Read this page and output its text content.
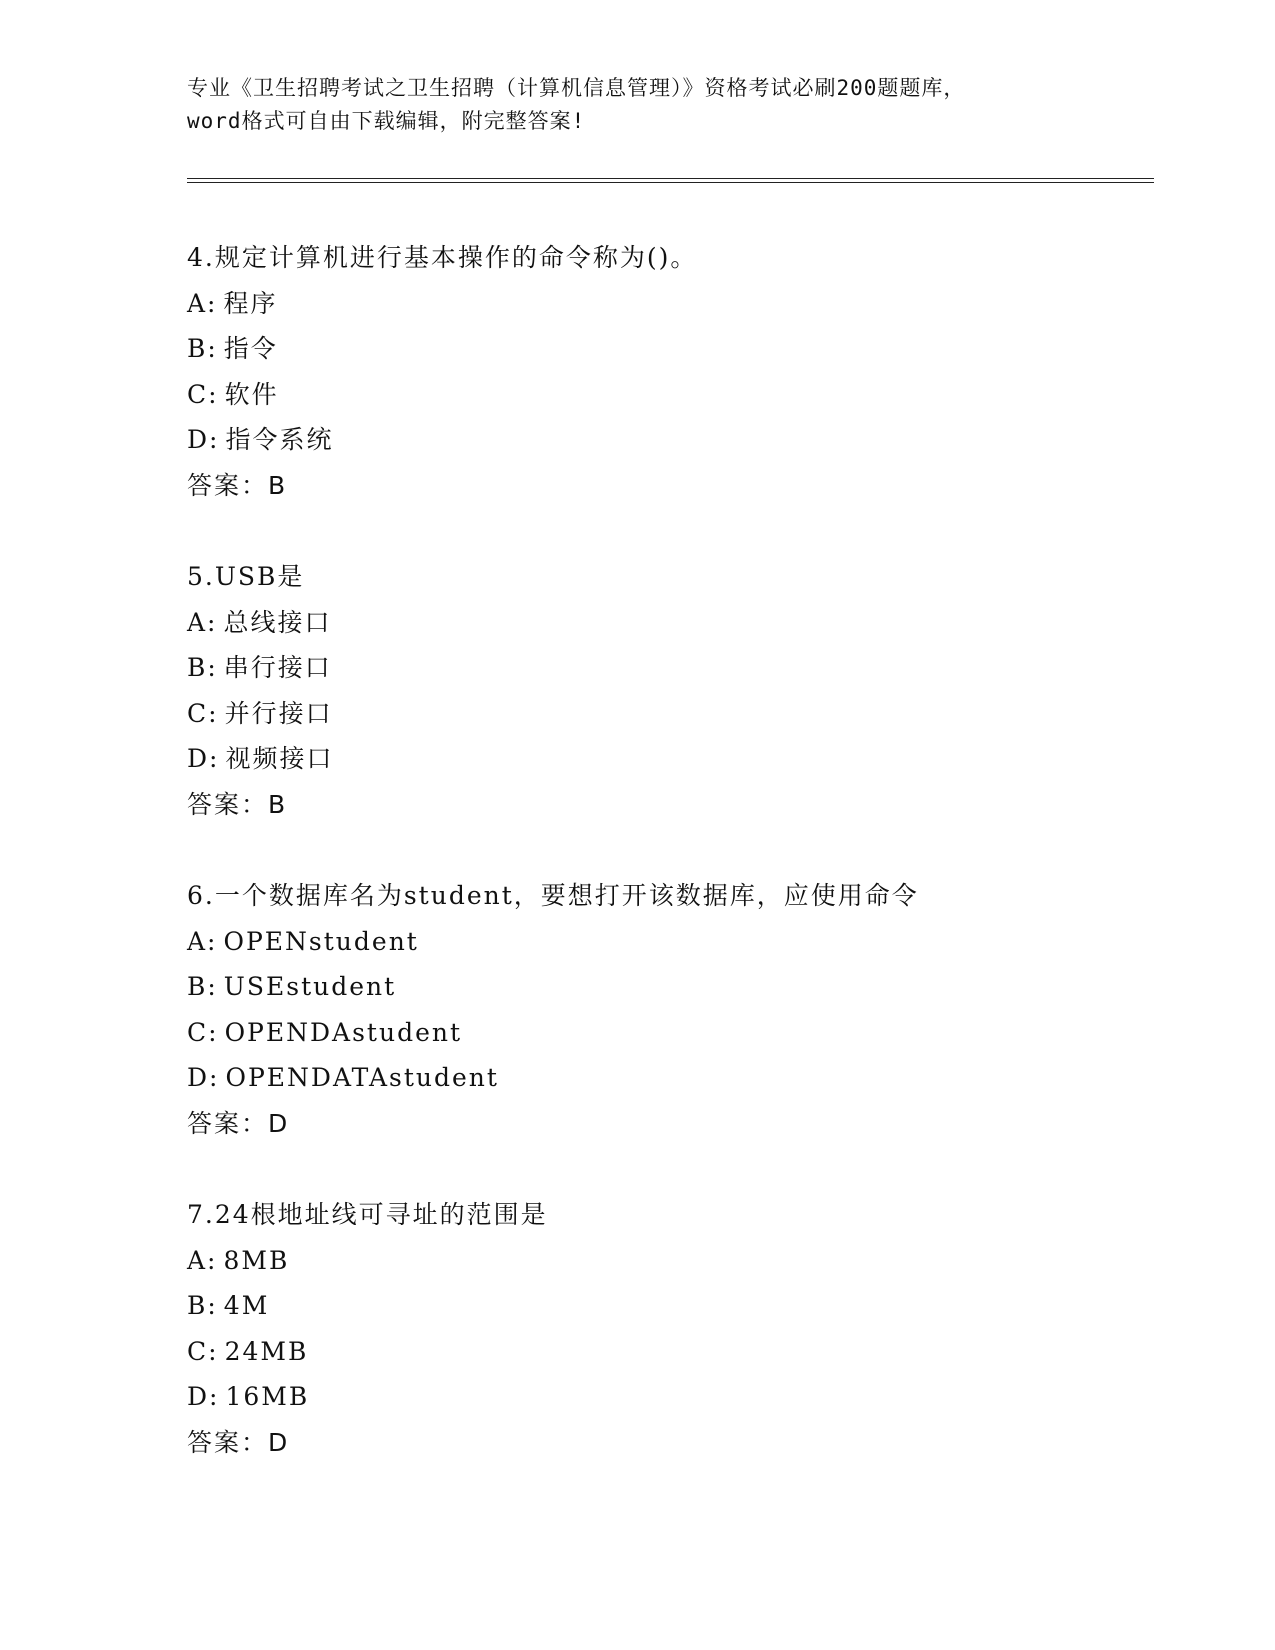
专业《卫生招聘考试之卫生招聘（计算机信息管理）》资格考试必刷200题题库，
word格式可自由下载编辑，附完整答案!
4.规定计算机进行基本操作的命令称为()。
A: 程序
B: 指令
C: 软件
D: 指令系统
答案：B
5.USB是
A: 总线接口
B: 串行接口
C: 并行接口
D: 视频接口
答案：B
6.一个数据库名为student，要想打开该数据库，应使用命令
A: OPENstudent
B: USEstudent
C: OPENDAstudent
D: OPENDATAstudent
答案：D
7.24根地址线可寻址的范围是
A: 8MB
B: 4M
C: 24MB
D: 16MB
答案：D
